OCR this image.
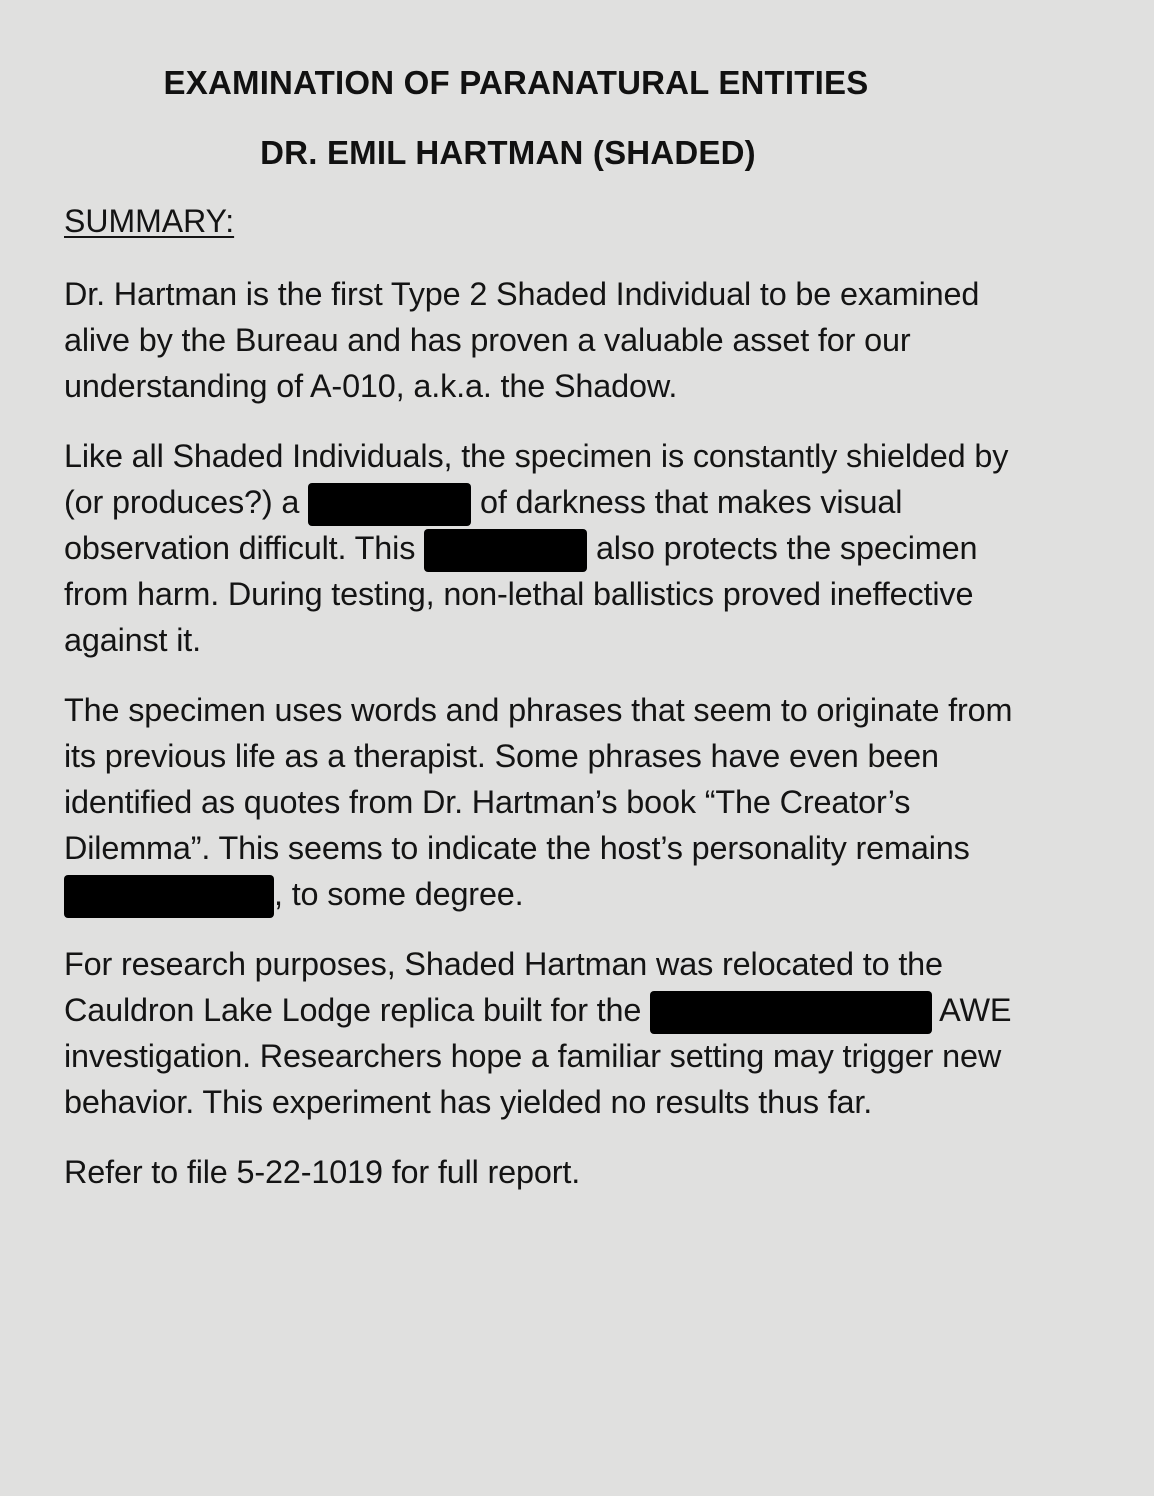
EXAMINATION OF PARANATURAL ENTITIES
DR. EMIL HARTMAN (SHADED)

SUMMARY:

Dr. Hartman is the first Type 2 Shaded Individual to be examined
alive by the Bureau and has proven a valuable asset for our
understanding of A-010, a.k.a. the Shadow.

Like all Shaded Individuals, the specimen is constantly shielded by
(or produces?) a	of darkness that makes visual
observation difficult. This	also protects the specimen
from harm. During testing, non-lethal ballistics proved ineffective
against it.

The specimen uses words and phrases that seem to originate from
its previous life as a therapist. Some phrases have even been
identified as quotes from Dr. Hartman’s book “The Creator’s
Dilemma”. This seems to indicate the host’s personality remains
, to some degree.

For research purposes, Shaded Hartman was relocated to the
Cauldron Lake Lodge replica built for the	AWE
investigation. Researchers hope a familiar setting may trigger new
behavior. This experiment has yielded no results thus far.

Refer to file 5-22-1019 for full report.
